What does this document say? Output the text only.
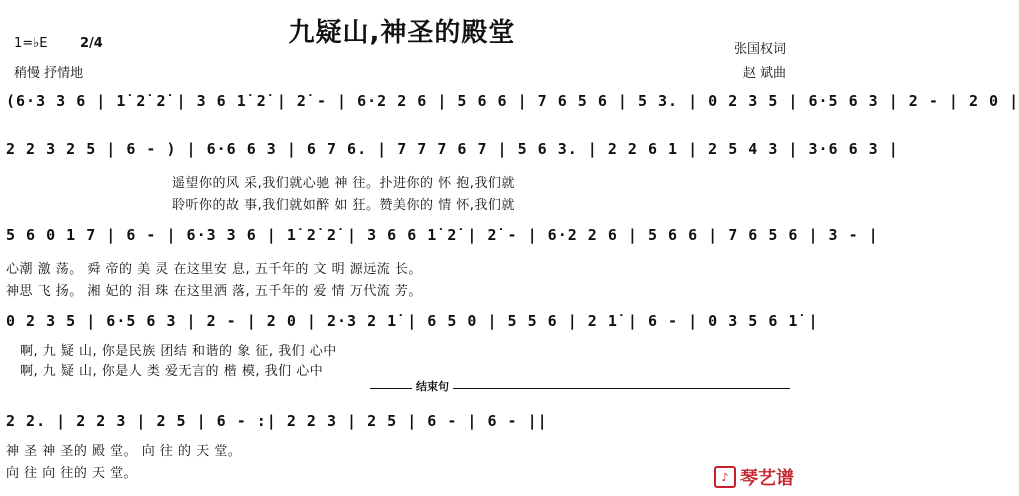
九疑山,神圣的殿堂
1=♭E 2/4
稍慢 抒情地
张国权词
赵 斌曲
(6·3 3 6 | 1̇ 2̇ 2̇ | 3 6 1̇ 2̇ | 2̇ - | 6·2 2 6 | 5 6 6 | 7 6 5 6 | 5 3. | 0 2 3 5 | 6·5 6 3 | 2 - | 2 0 |
2 2 3 2 5 | 6 - ) | 6·6 6 3 | 6 7 6. | 7 7 7 6 7 | 5 6 3. | 2 2 6 1 | 2 5 4 3 | 3·6 6 3 |
遥望你的风 采,我们就心驰 神 往。扑进你的 怀 抱,我们就
聆听你的故 事,我们就如醉 如 狂。赞美你的 情 怀,我们就
5 6 0 1 7 | 6 - | 6·3 3 6 | 1̇ 2̇ 2̇ | 3 6 6 1̇ 2̇ | 2̇ - | 6·2 2 6 | 5 6 6 | 7 6 5 6 | 3 - |
心潮 激 荡。 舜 帝的 美 灵 在这里安 息, 五千年的 文 明 源远流 长。
神思 飞 扬。 湘 妃的 泪 珠 在这里洒 落, 五千年的 爱 情 万代流 芳。
0 2 3 5 | 6·5 6 3 | 2 - | 2 0 | 2·3 2 1̇ | 6 5 0 | 5 5 6 | 2 1̇ | 6 - | 0 3 5 6 1̇ |
啊, 九 疑 山, 你是民族 团结 和谐的 象 征, 我们 心中
啊, 九 疑 山, 你是人 类 爱无言的 楷 模, 我们 心中
结束句
2 2. | 2 2 3 | 2 5 | 6 - :| 2 2 3 | 2 5 | 6 - | 6 - ||
神 圣 神 圣的 殿 堂。 向 往 的 天 堂。
向 往 向 往的 天 堂。	♪ 琴艺谱
